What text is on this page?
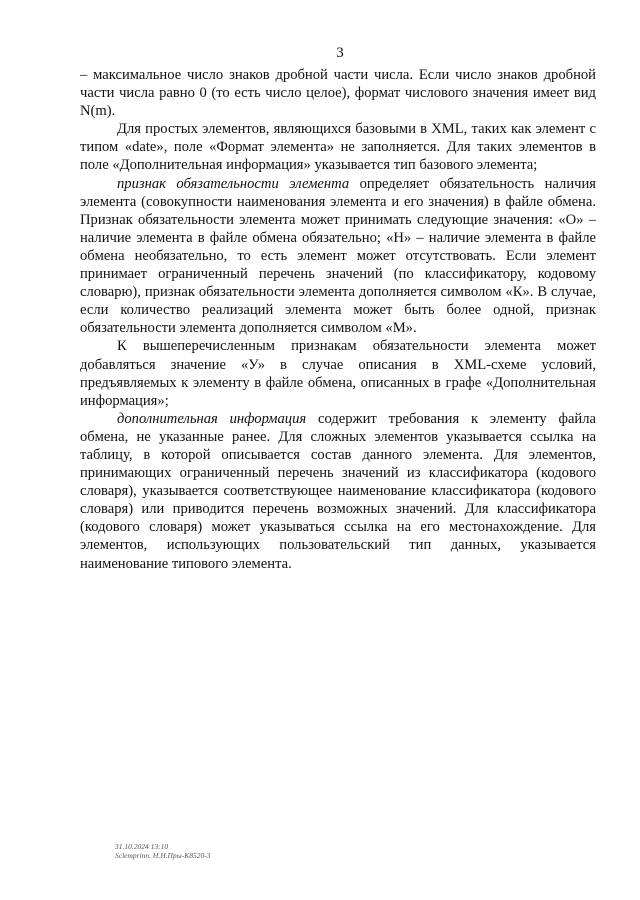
3

– максимальное число знаков дробной части числа. Если число знаков дробной части числа равно 0 (то есть число целое), формат числового значения имеет вид N(m).

Для простых элементов, являющихся базовыми в XML, таких как элемент с типом «date», поле «Формат элемента» не заполняется. Для таких элементов в поле «Дополнительная информация» указывается тип базового элемента;

признак обязательности элемента определяет обязательность наличия элемента (совокупности наименования элемента и его значения) в файле обмена. Признак обязательности элемента может принимать следующие значения: «О» – наличие элемента в файле обмена обязательно; «Н» – наличие элемента в файле обмена необязательно, то есть элемент может отсутствовать. Если элемент принимает ограниченный перечень значений (по классификатору, кодовому словарю), признак обязательности элемента дополняется символом «К». В случае, если количество реализаций элемента может быть более одной, признак обязательности элемента дополняется символом «М».

К вышеперечисленным признакам обязательности элемента может добавляться значение «У» в случае описания в XML-схеме условий, предъявляемых к элементу в файле обмена, описанных в графе «Дополнительная информация»;

дополнительная информация содержит требования к элементу файла обмена, не указанные ранее. Для сложных элементов указывается ссылка на таблицу, в которой описывается состав данного элемента. Для элементов, принимающих ограниченный перечень значений из классификатора (кодового словаря), указывается соответствующее наименование классификатора (кодового словаря) или приводится перечень возможных значений. Для классификатора (кодового словаря) может указываться ссылка на его местонахождение. Для элементов, использующих пользовательский тип данных, указывается наименование типового элемента.

31.10.2024 13:10
Sclemprinn. Н.Н.Пры-К8520-3
